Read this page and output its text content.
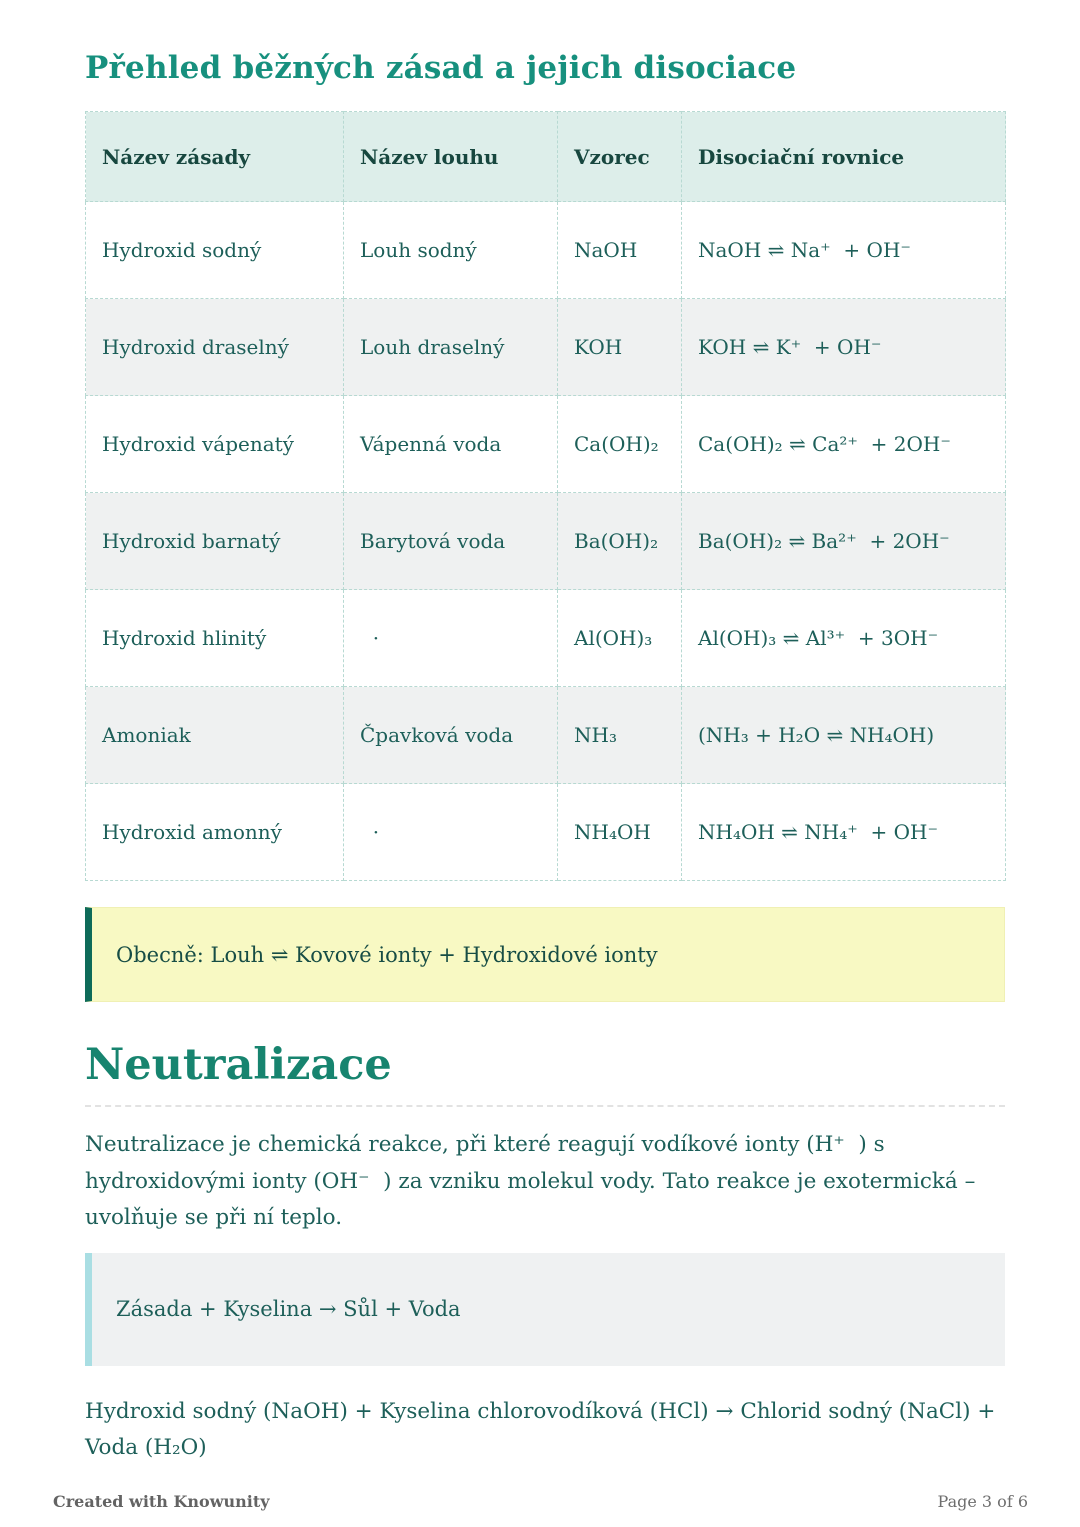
Přehled běžných zásad a jejich disociace
Název zásady	Název louhu	Vzorec	Disociační rovnice
Hydroxid sodný	Louh sodný	NaOH	NaOH ⇌ Na⁺  + OH⁻
Hydroxid draselný	Louh draselný	KOH	KOH ⇌ K⁺  + OH⁻
Hydroxid vápenatý	Vápenná voda	Ca(OH)₂	Ca(OH)₂ ⇌ Ca²⁺  + 2OH⁻
Hydroxid barnatý	Barytová voda	Ba(OH)₂	Ba(OH)₂ ⇌ Ba²⁺  + 2OH⁻
Hydroxid hlinitý	·	Al(OH)₃	Al(OH)₃ ⇌ Al³⁺  + 3OH⁻
Amoniak	Čpavková voda	NH₃	(NH₃ + H₂O ⇌ NH₄OH)
Hydroxid amonný	·	NH₄OH	NH₄OH ⇌ NH₄⁺  + OH⁻
Obecně: Louh ⇌ Kovové ionty + Hydroxidové ionty
Neutralizace

Neutralizace je chemická reakce, při které reagují vodíkové ionty (H⁺  ) s hydroxidovými ionty (OH⁻  ) za vzniku molekul vody. Tato reakce je exotermická – uvolňuje se při ní teplo.

Zásada + Kyselina → Sůl + Voda

Hydroxid sodný (NaOH) + Kyselina chlorovodíková (HCl) → Chlorid sodný (NaCl) + Voda (H₂O)

Created with Knowunity	Page 3 of 6
